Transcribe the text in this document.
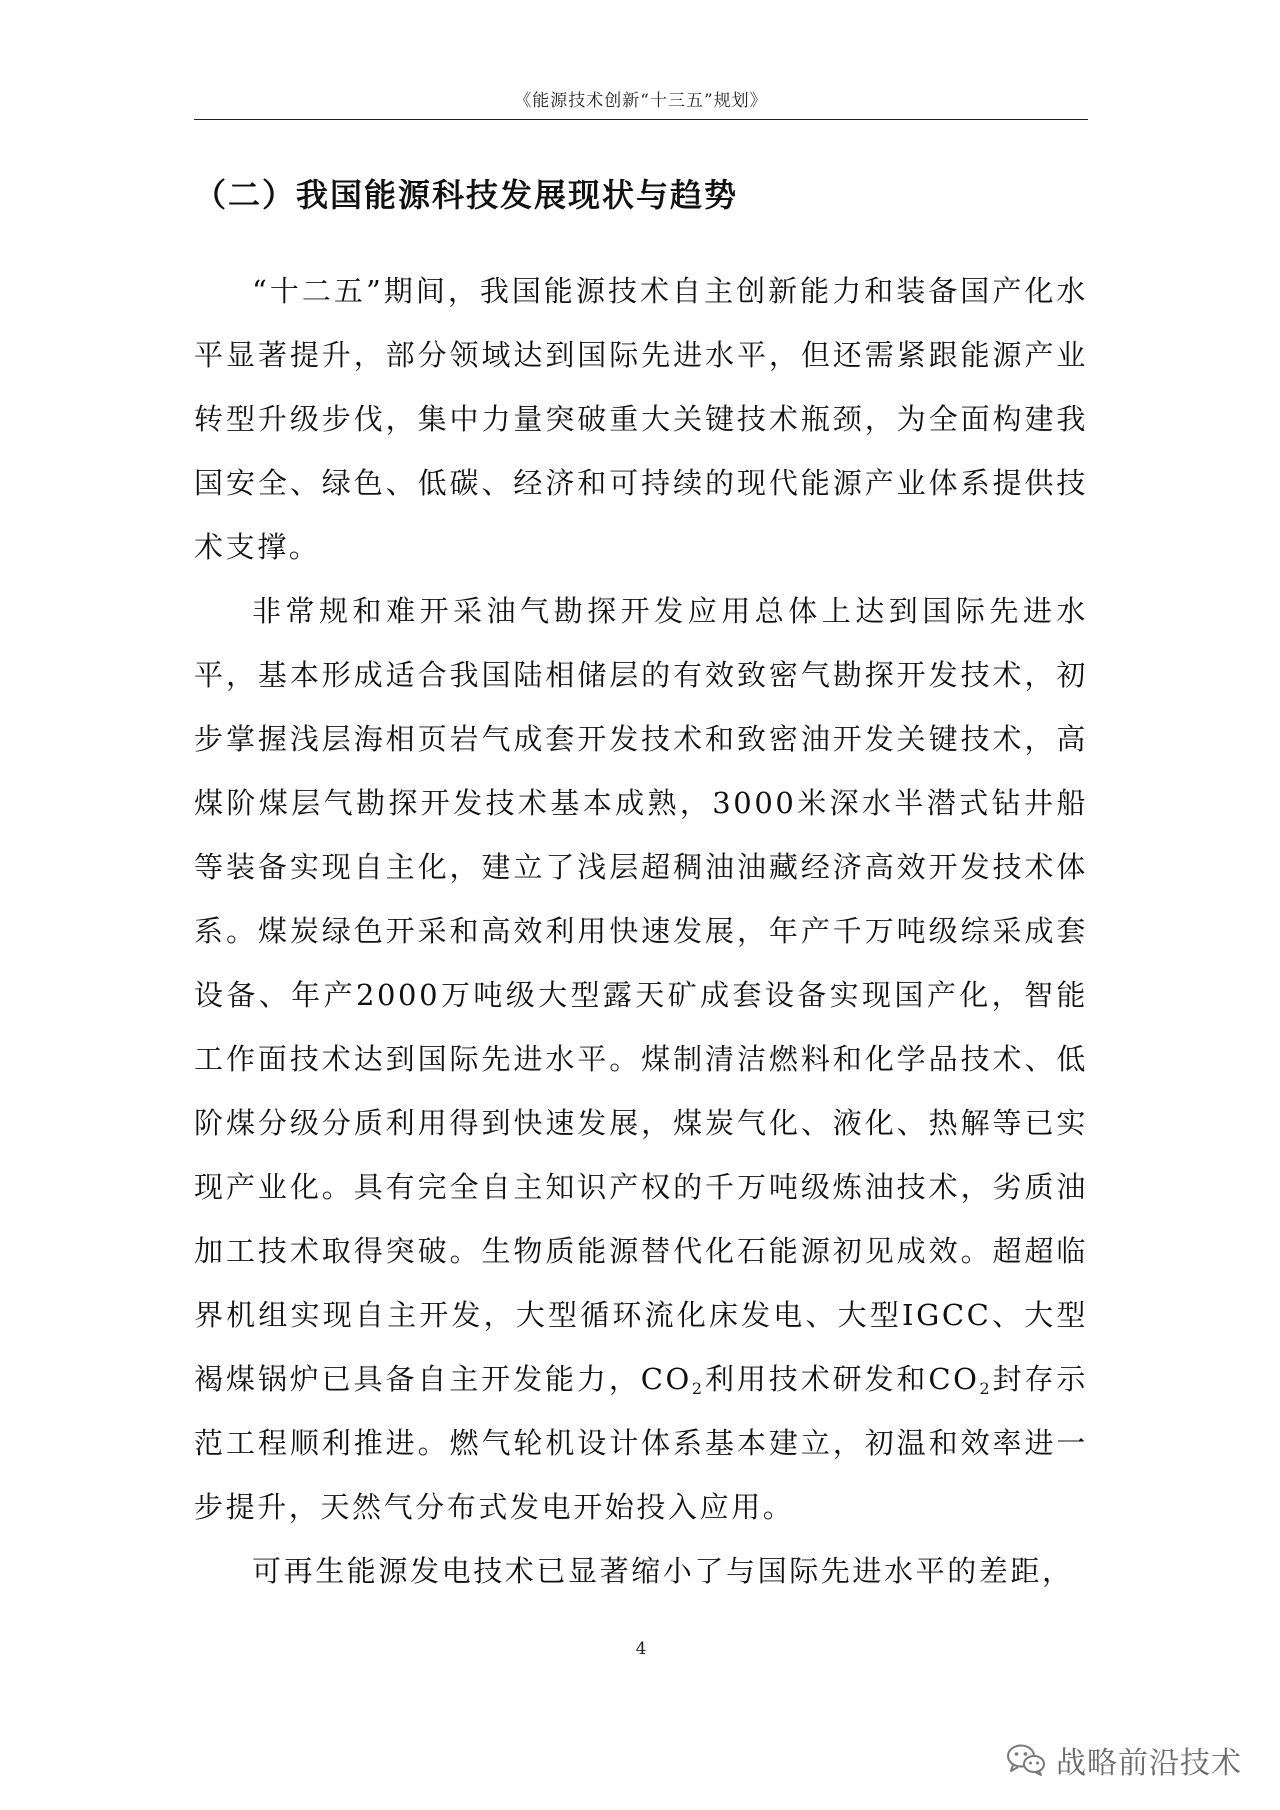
《能源技术创新“十三五”规划》
（二）我国能源科技发展现状与趋势

“十二五”期间，我国能源技术自主创新能力和装备国产化水平显著提升，部分领域达到国际先进水平，但还需紧跟能源产业转型升级步伐，集中力量突破重大关键技术瓶颈，为全面构建我国安全、绿色、低碳、经济和可持续的现代能源产业体系提供技术支撑。

非常规和难开采油气勘探开发应用总体上达到国际先进水平，基本形成适合我国陆相储层的有效致密气勘探开发技术，初步掌握浅层海相页岩气成套开发技术和致密油开发关键技术，高煤阶煤层气勘探开发技术基本成熟，3000米深水半潜式钻井船等装备实现自主化，建立了浅层超稠油油藏经济高效开发技术体系。煤炭绿色开采和高效利用快速发展，年产千万吨级综采成套设备、年产2000万吨级大型露天矿成套设备实现国产化，智能工作面技术达到国际先进水平。煤制清洁燃料和化学品技术、低阶煤分级分质利用得到快速发展，煤炭气化、液化、热解等已实现产业化。具有完全自主知识产权的千万吨级炼油技术，劣质油加工技术取得突破。生物质能源替代化石能源初见成效。超超临界机组实现自主开发，大型循环流化床发电、大型IGCC、大型褐煤锅炉已具备自主开发能力，$CO_2$利用技术研发和$CO_2$封存示范工程顺利推进。燃气轮机设计体系基本建立，初温和效率进一步提升，天然气分布式发电开始投入应用。

可再生能源发电技术已显著缩小了与国际先进水平的差距，

4
战略前沿技术
